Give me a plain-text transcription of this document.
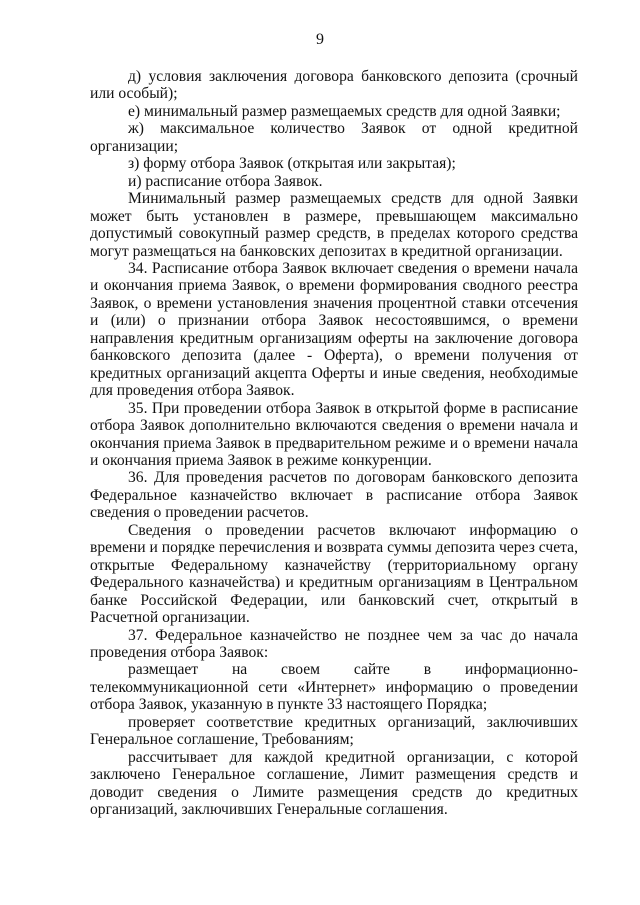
9

д) условия заключения договора банковского депозита (срочный или особый);

е) минимальный размер размещаемых средств для одной Заявки;

ж) максимальное количество Заявок от одной кредитной организации;

з) форму отбора Заявок (открытая или закрытая);

и) расписание отбора Заявок.

Минимальный размер размещаемых средств для одной Заявки может быть установлен в размере, превышающем максимально допустимый совокупный размер средств, в пределах которого средства могут размещаться на банковских депозитах в кредитной организации.

34. Расписание отбора Заявок включает сведения о времени начала и окончания приема Заявок, о времени формирования сводного реестра Заявок, о времени установления значения процентной ставки отсечения и (или) о признании отбора Заявок несостоявшимся, о времени направления кредитным организациям оферты на заключение договора банковского депозита (далее - Оферта), о времени получения от кредитных организаций акцепта Оферты и иные сведения, необходимые для проведения отбора Заявок.

35. При проведении отбора Заявок в открытой форме в расписание отбора Заявок дополнительно включаются сведения о времени начала и окончания приема Заявок в предварительном режиме и о времени начала и окончания приема Заявок в режиме конкуренции.

36. Для проведения расчетов по договорам банковского депозита Федеральное казначейство включает в расписание отбора Заявок сведения о проведении расчетов.

Сведения о проведении расчетов включают информацию о времени и порядке перечисления и возврата суммы депозита через счета, открытые Федеральному казначейству (территориальному органу Федерального казначейства) и кредитным организациям в Центральном банке Российской Федерации, или банковский счет, открытый в Расчетной организации.

37. Федеральное казначейство не позднее чем за час до начала проведения отбора Заявок:

размещает на своем сайте в информационно-телекоммуникационной сети «Интернет» информацию о проведении отбора Заявок, указанную в пункте 33 настоящего Порядка;

проверяет соответствие кредитных организаций, заключивших Генеральное соглашение, Требованиям;

рассчитывает для каждой кредитной организации, с которой заключено Генеральное соглашение, Лимит размещения средств и доводит сведения о Лимите размещения средств до кредитных организаций, заключивших Генеральные соглашения.
